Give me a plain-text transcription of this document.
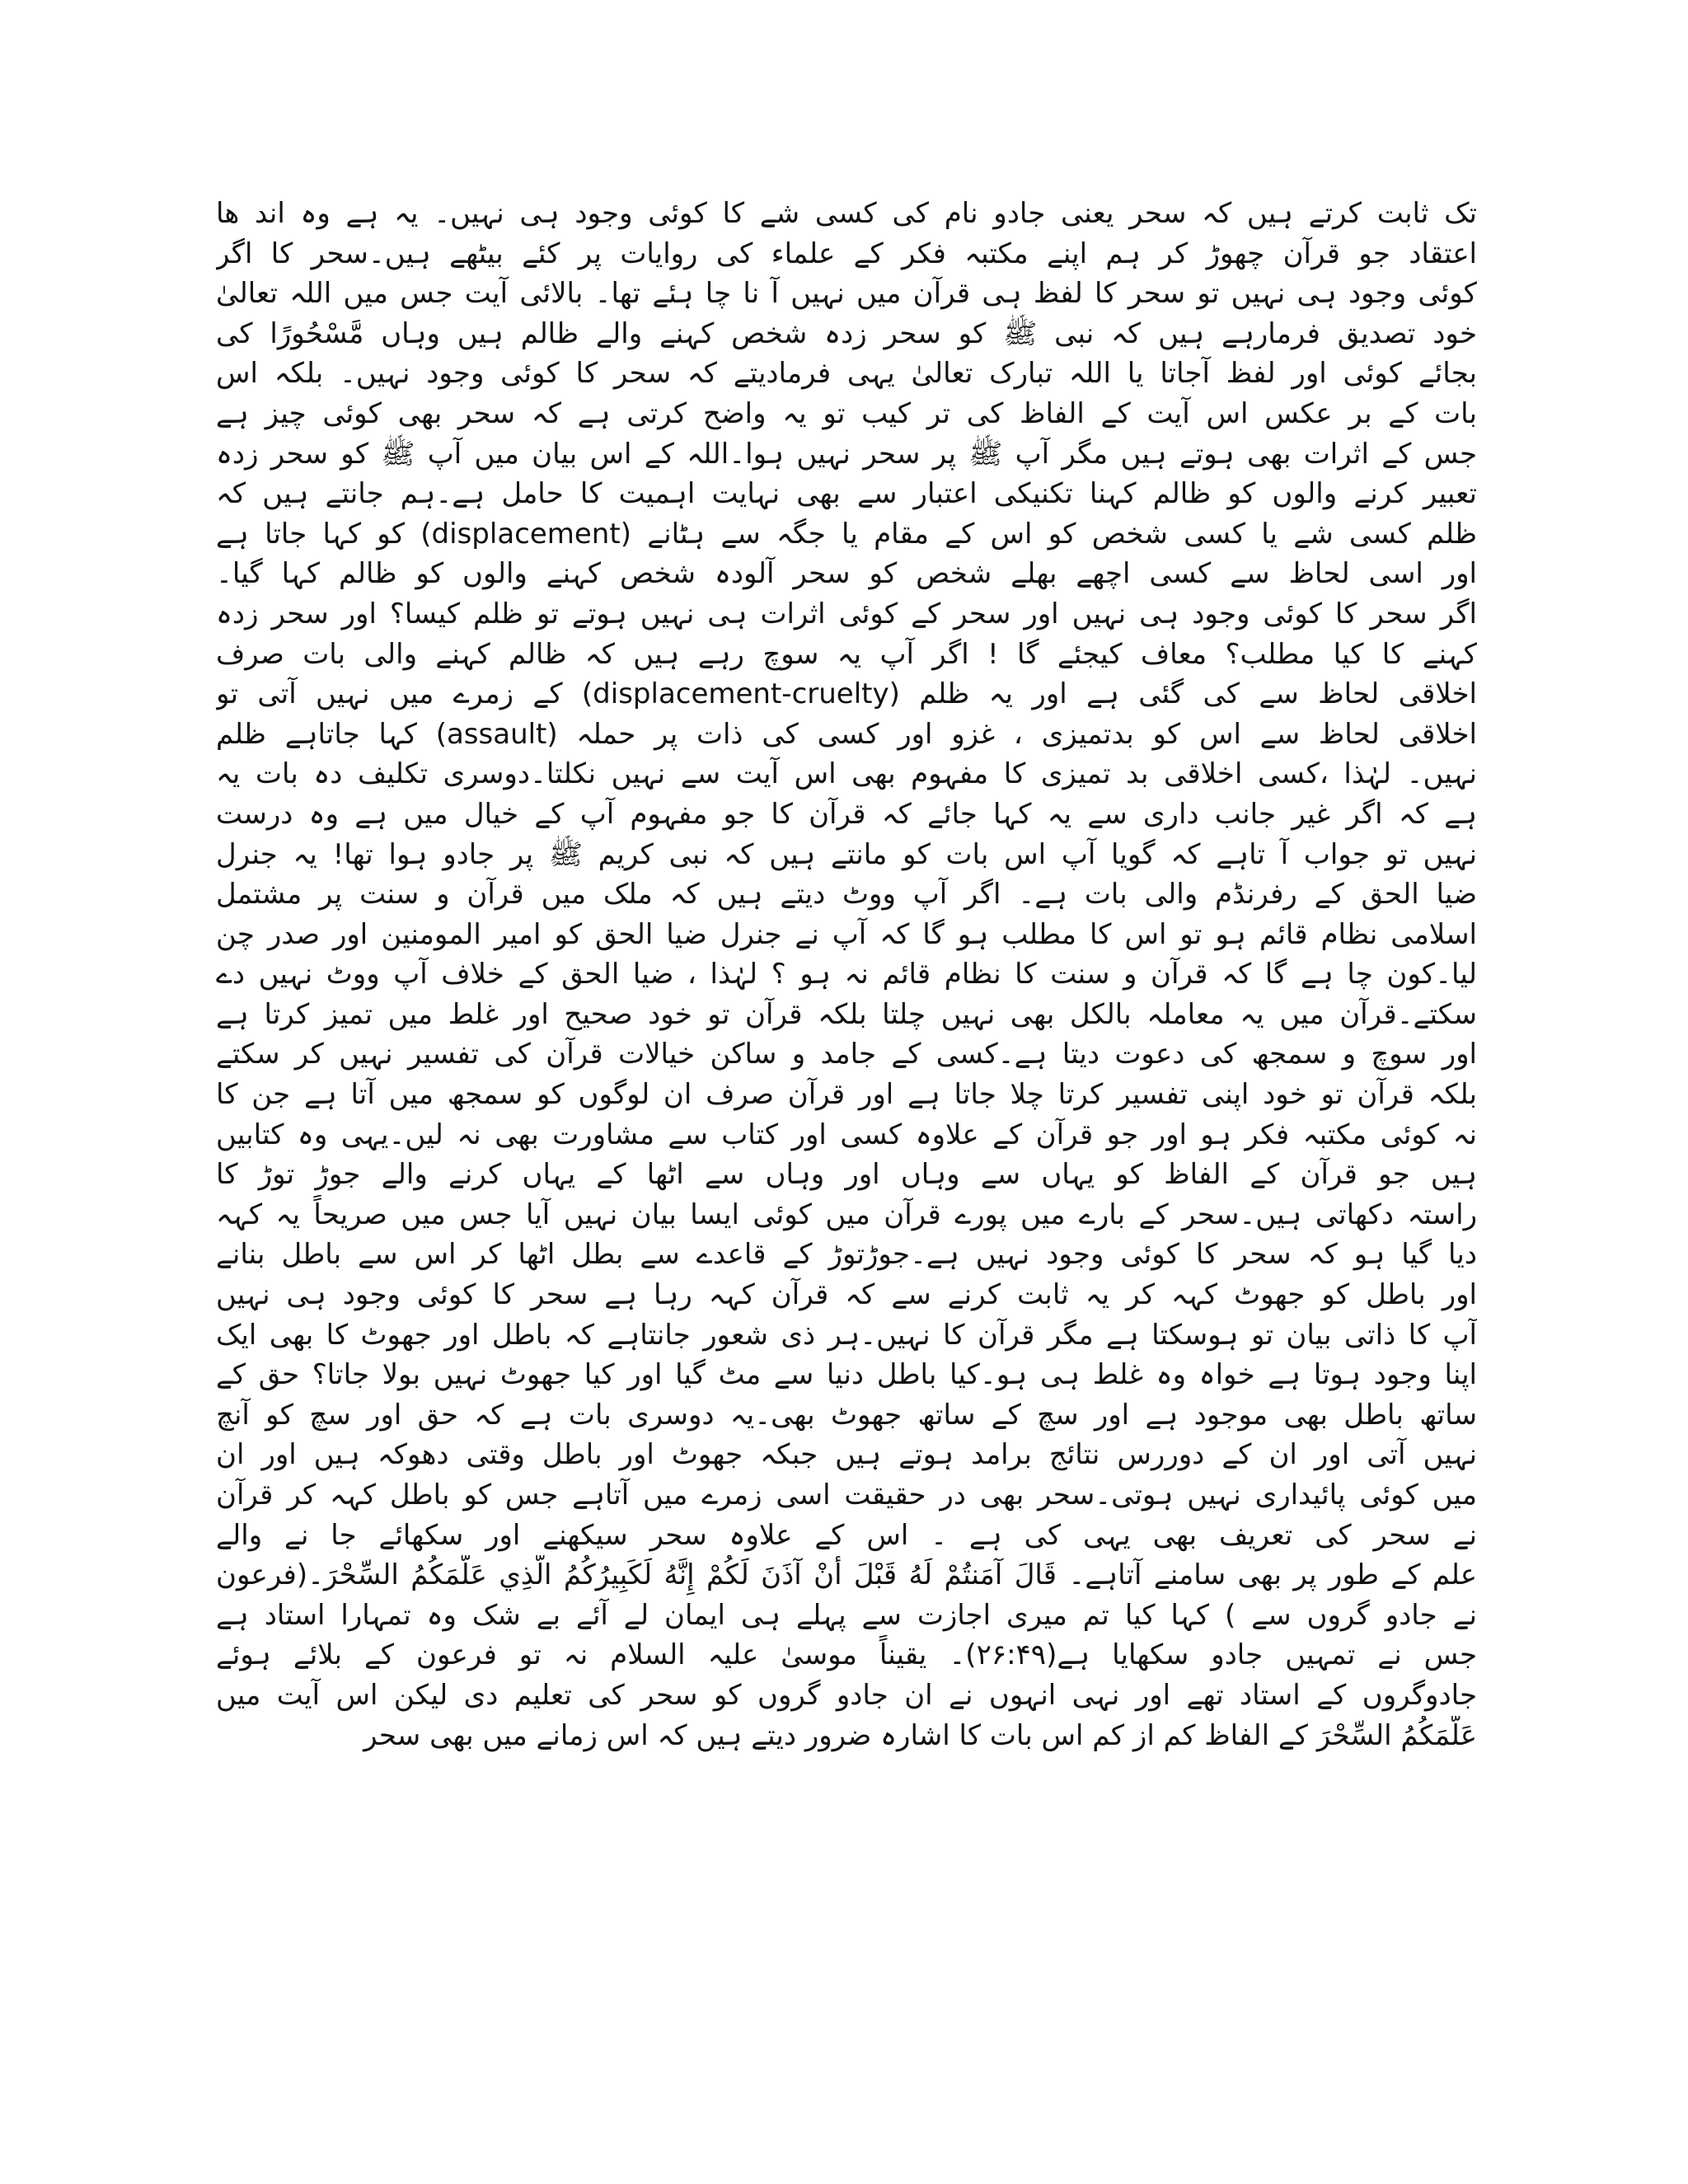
تک ثابت کرتے ہیں کہ سحر یعنی جادو نام کی کسی شے کا کوئی وجود ہی نہیں۔ یہ ہے وہ اند ھا
اعتقاد جو قرآن چھوڑ کر ہم اپنے مکتبہ فکر کے علماء کی روایات پر کئے بیٹھے ہیں۔سحر کا اگر
کوئی وجود ہی نہیں تو سحر کا لفظ ہی قرآن میں نہیں آ نا چا ہئے تھا۔ بالائی آیت جس میں اللہ تعالیٰ
خود تصدیق فرمارہے ہیں کہ نبی ﷺ کو سحر زدہ شخص کہنے والے ظالم ہیں وہاں مَّسْحُورًا کی
بجائے کوئی اور لفظ آجاتا یا اللہ تبارک تعالیٰ یہی فرمادیتے کہ سحر کا کوئی وجود نہیں۔ بلکہ اس
بات کے بر عکس اس آیت کے الفاظ کی تر کیب تو یہ واضح کرتی ہے کہ سحر بھی کوئی چیز ہے
جس کے اثرات بھی ہوتے ہیں مگر آپ ﷺ پر سحر نہیں ہوا۔اللہ کے اس بیان میں آپ ﷺ کو سحر زدہ
تعبیر کرنے والوں کو ظالم کہنا تکنیکی اعتبار سے بھی نہایت اہمیت کا حامل ہے۔ہم جانتے ہیں کہ
ظلم کسی شے یا کسی شخص کو اس کے مقام یا جگہ سے ہٹانے (displacement) کو کہا جاتا ہے
اور اسی لحاظ سے کسی اچھے بھلے شخص کو سحر آلودہ شخص کہنے والوں کو ظالم کہا گیا۔
اگر سحر کا کوئی وجود ہی نہیں اور سحر کے کوئی اثرات ہی نہیں ہوتے تو ظلم کیسا؟ اور سحر زدہ
کہنے کا کیا مطلب؟ معاف کیجئے گا ! اگر آپ یہ سوچ رہے ہیں کہ ظالم کہنے والی بات صرف
اخلاقی لحاظ سے کی گئی ہے اور یہ ظلم (displacement-cruelty) کے زمرے میں نہیں آتی تو
اخلاقی لحاظ سے اس کو بدتمیزی ، غزو اور کسی کی ذات پر حملہ (assault) کہا جاتاہے ظلم
نہیں۔ لہٰذا ،کسی اخلاقی بد تمیزی کا مفہوم بھی اس آیت سے نہیں نکلتا۔دوسری تکلیف دہ بات یہ
ہے کہ اگر غیر جانب داری سے یہ کہا جائے کہ قرآن کا جو مفہوم آپ کے خیال میں ہے وہ درست
نہیں تو جواب آ تاہے کہ گویا آپ اس بات کو مانتے ہیں کہ نبی کریم ﷺ پر جادو ہوا تھا! یہ جنرل
ضیا الحق کے رفرنڈم والی بات ہے۔ اگر آپ ووٹ دیتے ہیں کہ ملک میں قرآن و سنت پر مشتمل
اسلامی نظام قائم ہو تو اس کا مطلب ہو گا کہ آپ نے جنرل ضیا الحق کو امیر المومنین اور صدر چن
لیا۔کون چا ہے گا کہ قرآن و سنت کا نظام قائم نہ ہو ؟ لہٰذا ، ضیا الحق کے خلاف آپ ووٹ نہیں دے
سکتے۔قرآن میں یہ معاملہ بالکل بھی نہیں چلتا بلکہ قرآن تو خود صحیح اور غلط میں تمیز کرتا ہے
اور سوچ و سمجھ کی دعوت دیتا ہے۔کسی کے جامد و ساکن خیالات قرآن کی تفسیر نہیں کر سکتے
بلکہ قرآن تو خود اپنی تفسیر کرتا چلا جاتا ہے اور قرآن صرف ان لوگوں کو سمجھ میں آتا ہے جن کا
نہ کوئی مکتبہ فکر ہو اور جو قرآن کے علاوہ کسی اور کتاب سے مشاورت بھی نہ لیں۔یہی وہ کتابیں
ہیں جو قرآن کے الفاظ کو یہاں سے وہاں اور وہاں سے اٹھا کے یہاں کرنے والے جوڑ توڑ کا
راستہ دکھاتی ہیں۔سحر کے بارے میں پورے قرآن میں کوئی ایسا بیان نہیں آیا جس میں صریحاً یہ کہہ
دیا گیا ہو کہ سحر کا کوئی وجود نہیں ہے۔جوڑتوڑ کے قاعدے سے بطل اٹھا کر اس سے باطل بنانے
اور باطل کو جھوٹ کہہ کر یہ ثابت کرنے سے کہ قرآن کہہ رہا ہے سحر کا کوئی وجود ہی نہیں
آپ کا ذاتی بیان تو ہوسکتا ہے مگر قرآن کا نہیں۔ہر ذی شعور جانتاہے کہ باطل اور جھوٹ کا بھی ایک
اپنا وجود ہوتا ہے خواہ وہ غلط ہی ہو۔کیا باطل دنیا سے مٹ گیا اور کیا جھوٹ نہیں بولا جاتا؟ حق کے
ساتھ باطل بھی موجود ہے اور سچ کے ساتھ جھوٹ بھی۔یہ دوسری بات ہے کہ حق اور سچ کو آنچ
نہیں آتی اور ان کے دوررس نتائج برامد ہوتے ہیں جبکہ جھوٹ اور باطل وقتی دھوکہ ہیں اور ان
میں کوئی پائیداری نہیں ہوتی۔سحر بھی در حقیقت اسی زمرے میں آتاہے جس کو باطل کہہ کر قرآن
نے سحر کی تعریف بھی یہی کی ہے ۔ اس کے علاوہ سحر سیکھنے اور سکھائے جا نے والے
علم کے طور پر بھی سامنے آتاہے۔ قَالَ آمَنتُمْ لَهُ قَبْلَ أَنْ آذَنَ لَكُمْ إِنَّهُ لَكَبِيرُكُمُ الَّذِي عَلَّمَكُمُ السِّحْرَ۔(فرعون
نے جادو گروں سے ) کہا کیا تم میری اجازت سے پہلے ہی ایمان لے آئے بے شک وہ تمہارا استاد ہے
جس نے تمہیں جادو سکھایا ہے(۲۶:۴۹)۔ یقیناً موسیٰ علیہ السلام نہ تو فرعون کے بلائے ہوئے
جادوگروں کے استاد تھے اور نہی انہوں نے ان جادو گروں کو سحر کی تعلیم دی لیکن اس آیت میں
عَلَّمَكُمُ السِّحْرَ کے الفاظ کم از کم اس بات کا اشارہ ضرور دیتے ہیں کہ اس زمانے میں بھی سحر
